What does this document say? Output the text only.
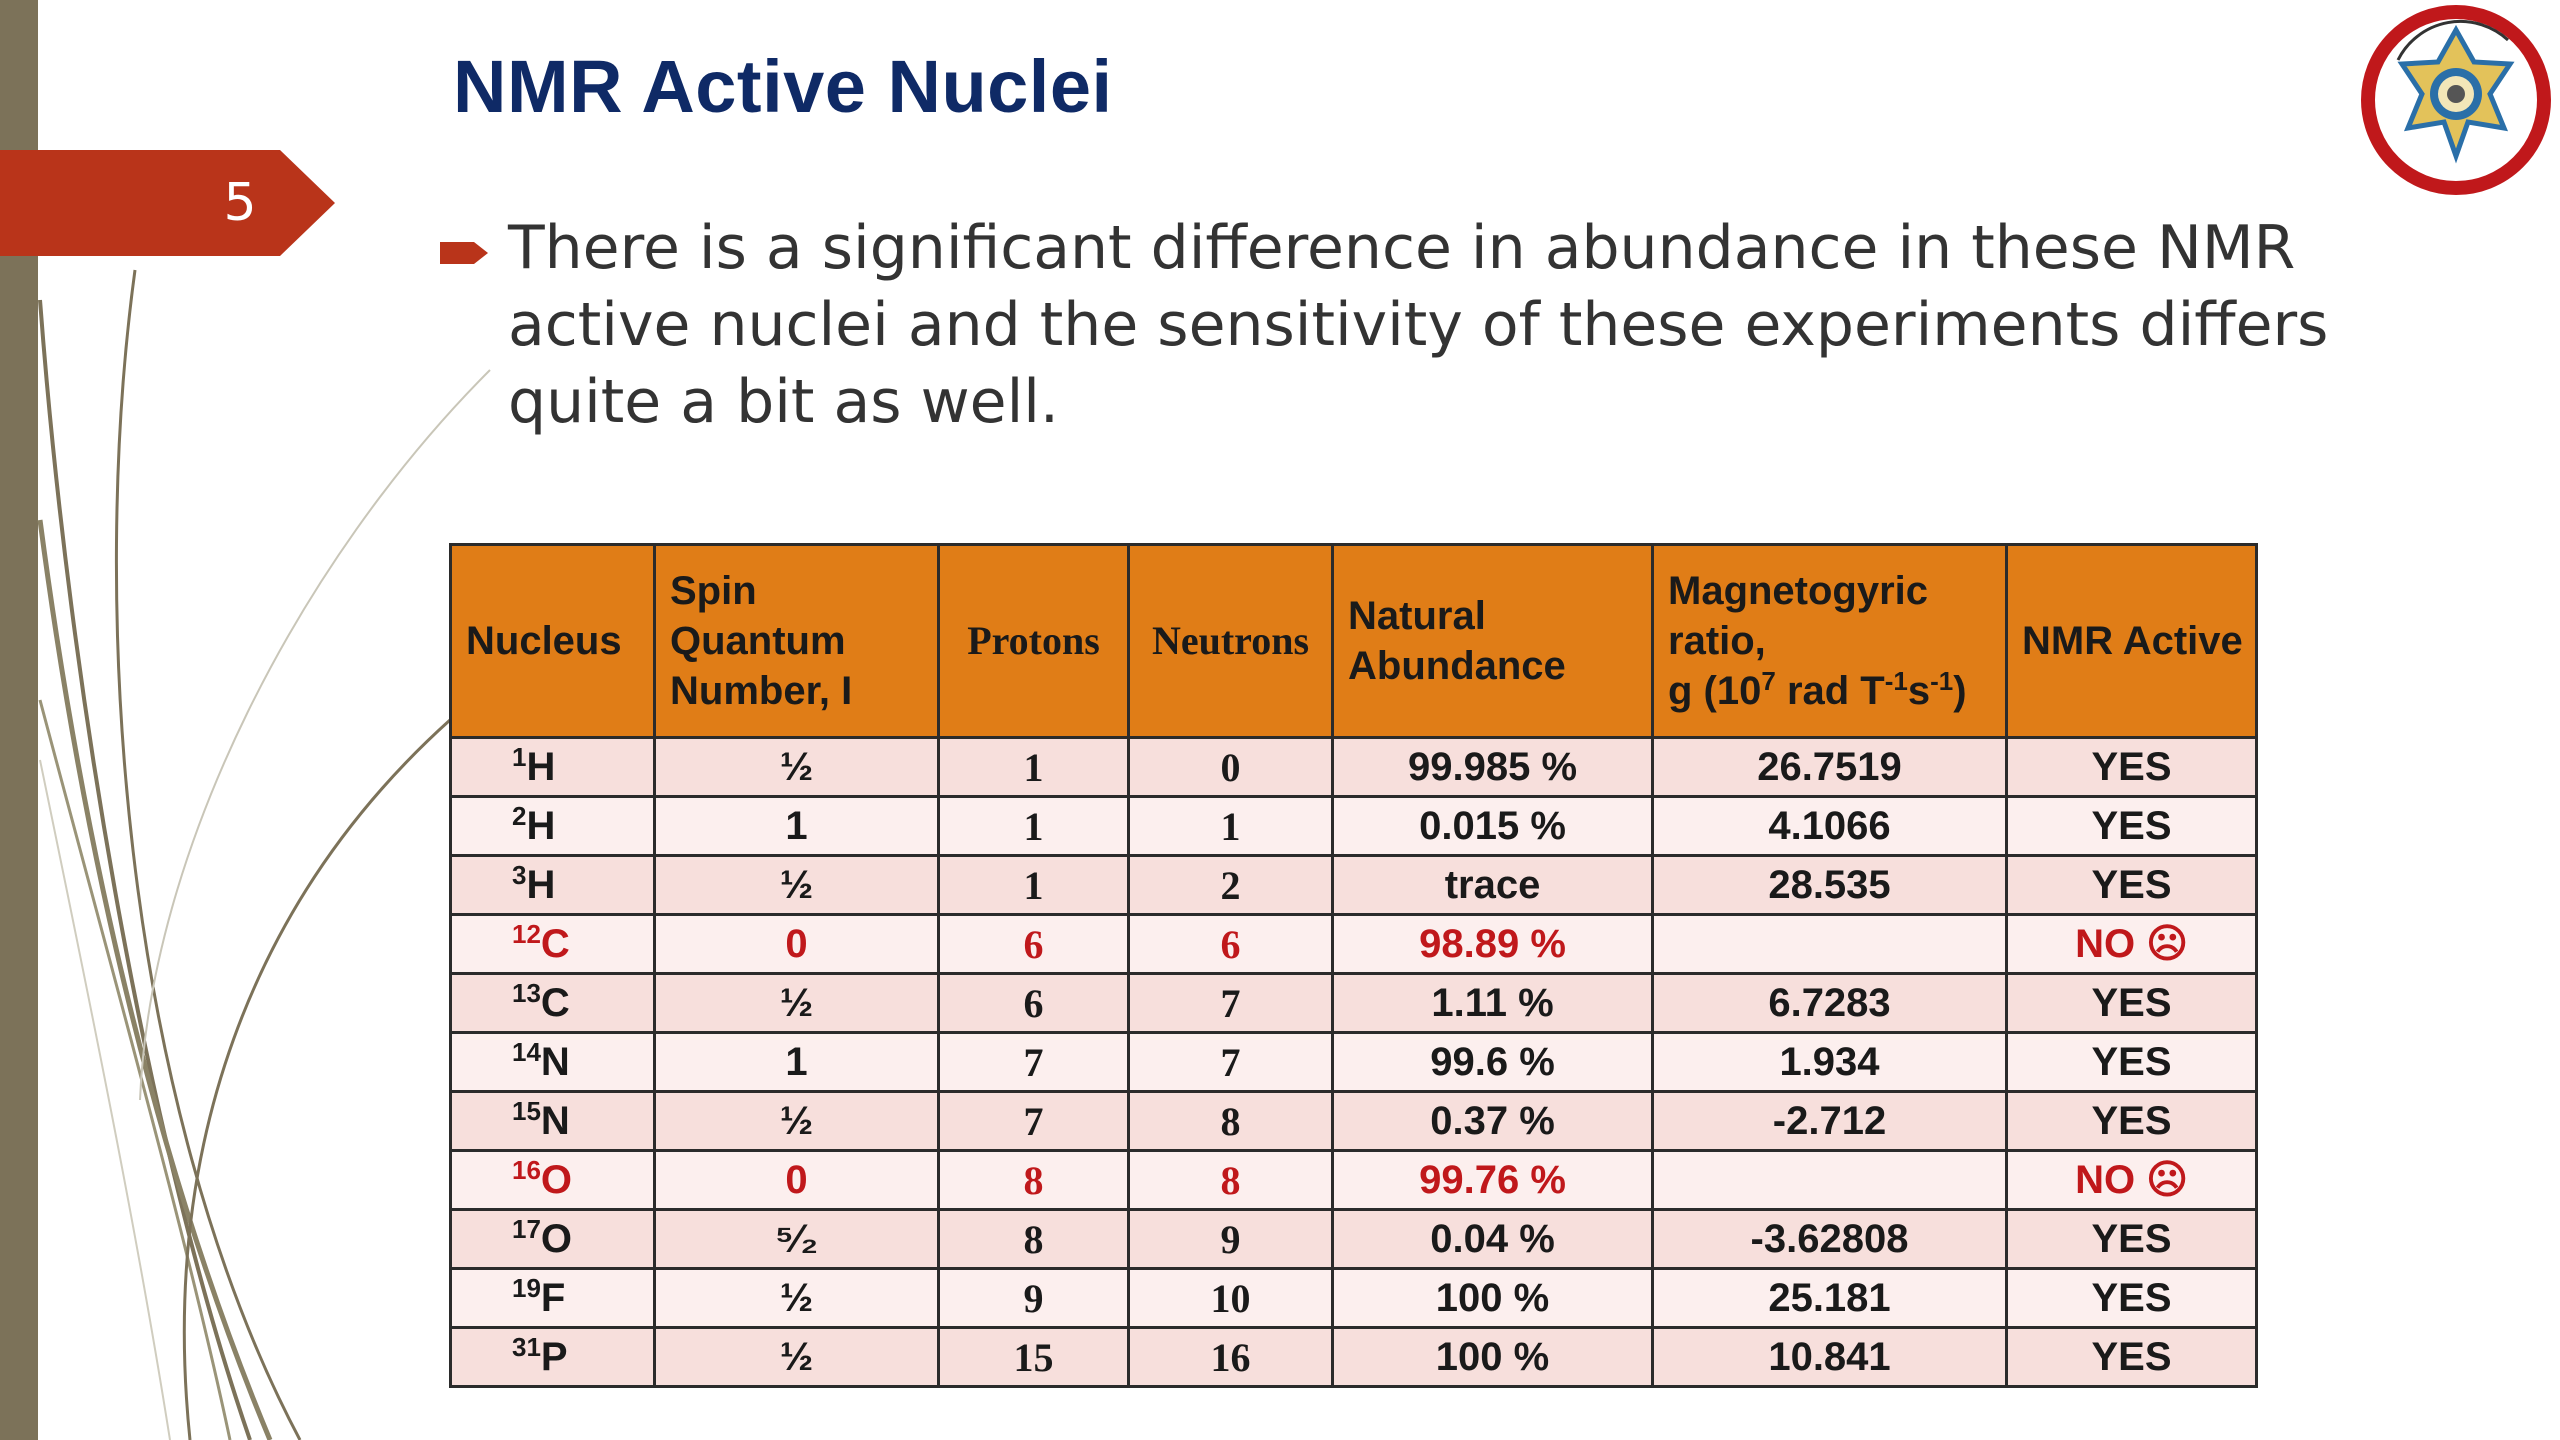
5
NMR Active Nuclei

There is a significant difference in abundance in these NMR active nuclei and the sensitivity of these experiments differs quite a bit as well.

Nucleus	Spin Quantum Number, I	Protons	Neutrons	Natural Abundance	Magnetogyric ratio,
g ($10^7$ rad $T^{-1}s^{-1}$)	NMR Active
$^1$H	½	1	0	99.985 %	26.7519	YES
$^2$H	1	1	1	0.015 %	4.1066	YES
$^3$H	½	1	2	trace	28.535	YES
$^{12}$C	0	6	6	98.89 %		NO ☹
$^{13}$C	½	6	7	1.11 %	6.7283	YES
$^{14}$N	1	7	7	99.6 %	1.934	YES
$^{15}$N	½	7	8	0.37 %	-2.712	YES
$^{16}$O	0	8	8	99.76 %		NO ☹
$^{17}$O	⁵⁄₂	8	9	0.04 %	-3.62808	YES
$^{19}$F	½	9	10	100 %	25.181	YES
$^{31}$P	½	15	16	100 %	10.841	YES
